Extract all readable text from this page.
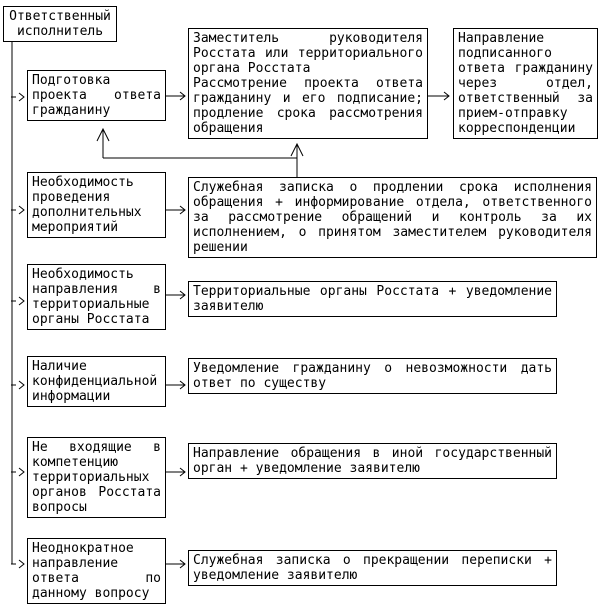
Ответственный исполнитель
Подготовка проекта ответа гражданину

Заместитель руководителя Росстата или территориального органа Росстата

Рассмотрение проекта ответа гражданину и его подписание; продление срока рассмотрения обращения

Направление подписанного ответа гражданину через отдел, ответственный за прием-отправку корреспонденции
Необходимость проведения дополнительных мероприятий
Служебная записка о продлении срока исполнения обращения + информирование отдела, ответственного за рассмотрение обращений и контроль за их исполнением, о принятом заместителем руководителя решении
Необходимость направления в территориальные органы Росстата
Территориальные органы Росстата + уведомление заявителю
Наличие конфиденциальной информации
Уведомление гражданину о невозможности дать ответ по существу
Не входящие в компетенцию территориальных органов Росстата вопросы
Направление обращения в иной государственный орган + уведомление заявителю
Неоднократное направление ответа по данному вопросу
Служебная записка о прекращении переписки + уведомление заявителю
